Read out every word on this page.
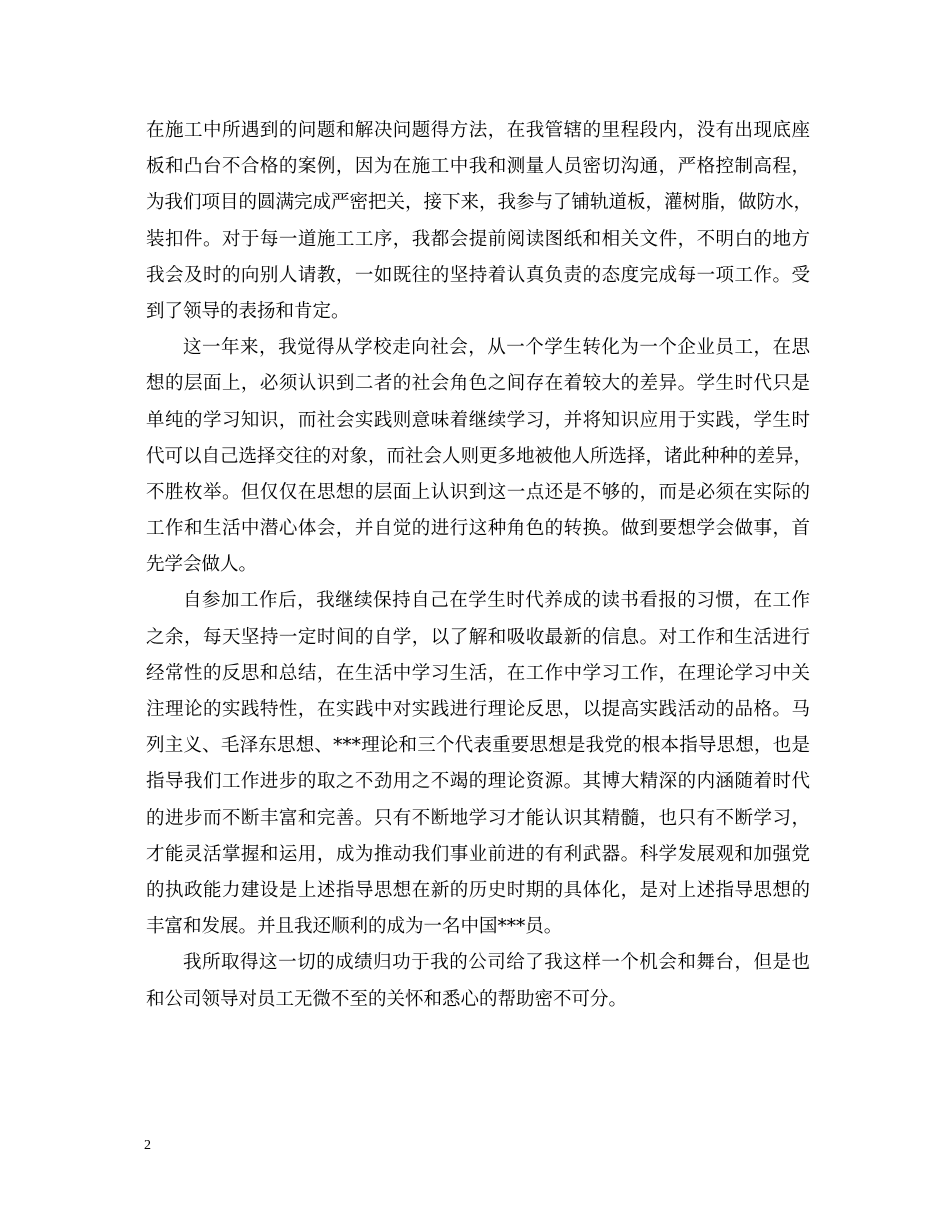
在施工中所遇到的问题和解决问题得方法，在我管辖的里程段内，没有出现底座
板和凸台不合格的案例，因为在施工中我和测量人员密切沟通，严格控制高程，
为我们项目的圆满完成严密把关，接下来，我参与了铺轨道板，灌树脂，做防水，
装扣件。对于每一道施工工序，我都会提前阅读图纸和相关文件，不明白的地方
我会及时的向别人请教，一如既往的坚持着认真负责的态度完成每一项工作。受
到了领导的表扬和肯定。

这一年来，我觉得从学校走向社会，从一个学生转化为一个企业员工，在思
想的层面上，必须认识到二者的社会角色之间存在着较大的差异。学生时代只是
单纯的学习知识，而社会实践则意味着继续学习，并将知识应用于实践，学生时
代可以自己选择交往的对象，而社会人则更多地被他人所选择，诸此种种的差异，
不胜枚举。但仅仅在思想的层面上认识到这一点还是不够的，而是必须在实际的
工作和生活中潜心体会，并自觉的进行这种角色的转换。做到要想学会做事，首
先学会做人。

自参加工作后，我继续保持自己在学生时代养成的读书看报的习惯，在工作
之余，每天坚持一定时间的自学，以了解和吸收最新的信息。对工作和生活进行
经常性的反思和总结，在生活中学习生活，在工作中学习工作，在理论学习中关
注理论的实践特性，在实践中对实践进行理论反思，以提高实践活动的品格。马
列主义、毛泽东思想、***理论和三个代表重要思想是我党的根本指导思想，也是
指导我们工作进步的取之不劲用之不竭的理论资源。其博大精深的内涵随着时代
的进步而不断丰富和完善。只有不断地学习才能认识其精髓，也只有不断学习，
才能灵活掌握和运用，成为推动我们事业前进的有利武器。科学发展观和加强党
的执政能力建设是上述指导思想在新的历史时期的具体化，是对上述指导思想的
丰富和发展。并且我还顺利的成为一名中国***员。

我所取得这一切的成绩归功于我的公司给了我这样一个机会和舞台，但是也
和公司领导对员工无微不至的关怀和悉心的帮助密不可分。

2
